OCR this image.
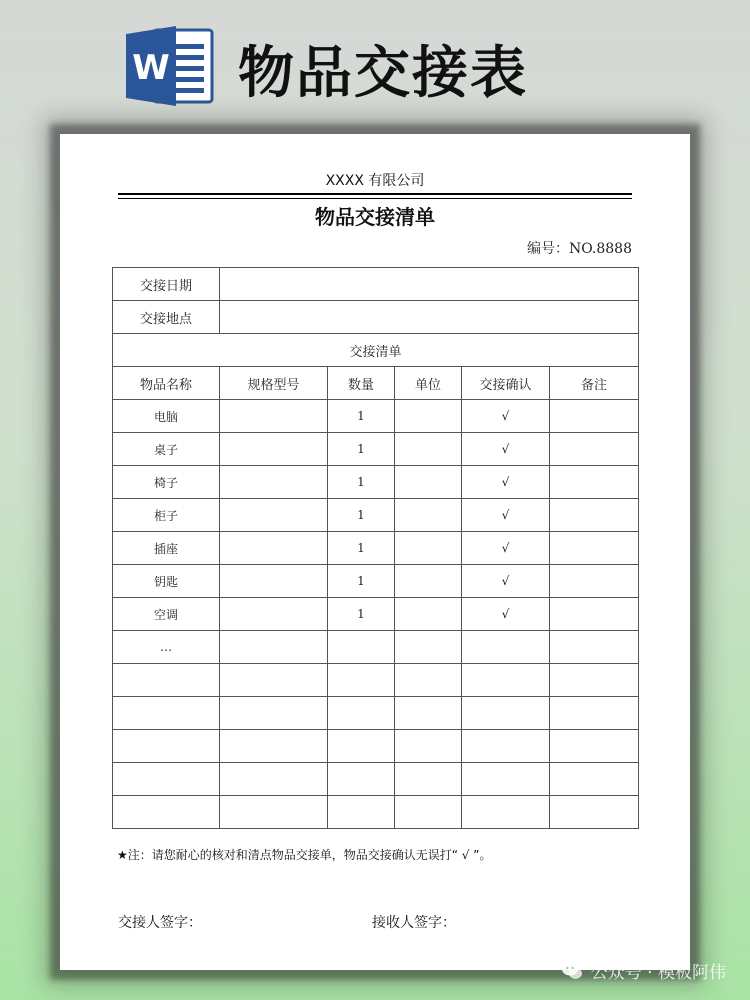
W 物品交接表
XXXX 有限公司
物品交接清单
编号：NO.8888
交接日期					
交接地点					
交接清单					
物品名称	规格型号	数量	单位	交接确认	备注
电脑		1		√	
桌子		1		√	
椅子		1		√	
柜子		1		√	
插座		1		√	
钥匙		1		√	
空调		1		√	
…					

★注：请您耐心的核对和清点物品交接单，物品交接确认无误打“ √ ”。
交接人签字：	接收人签字：
公众号 · 模板阿伟
